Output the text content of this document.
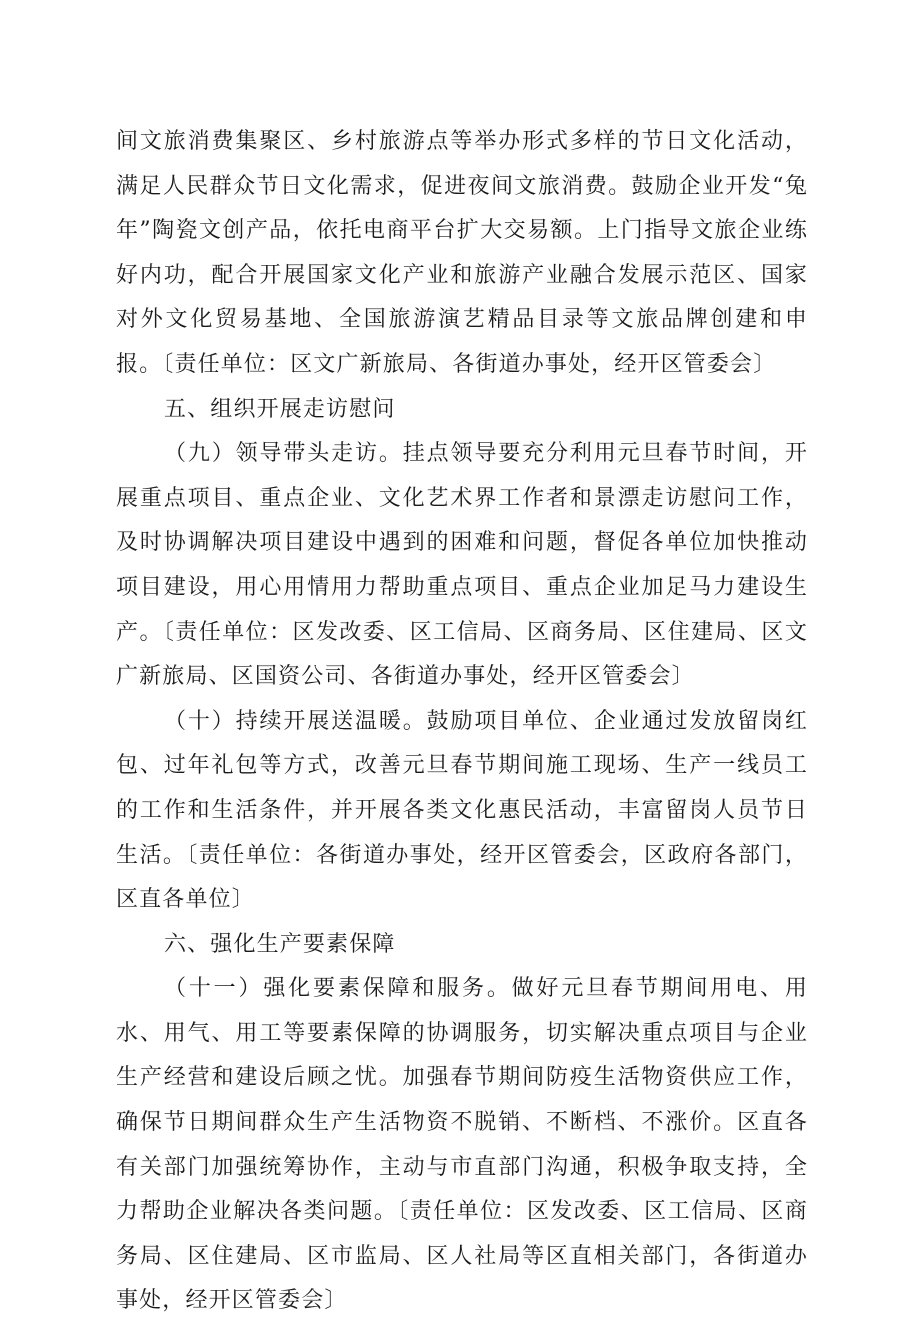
间文旅消费集聚区、乡村旅游点等举办形式多样的节日文化活动，满足人民群众节日文化需求，促进夜间文旅消费。鼓励企业开发“兔年”陶瓷文创产品，依托电商平台扩大交易额。上门指导文旅企业练好内功，配合开展国家文化产业和旅游产业融合发展示范区、国家对外文化贸易基地、全国旅游演艺精品目录等文旅品牌创建和申报。〔责任单位：区文广新旅局、各街道办事处，经开区管委会〕

五、组织开展走访慰问

（九）领导带头走访。挂点领导要充分利用元旦春节时间，开展重点项目、重点企业、文化艺术界工作者和景漂走访慰问工作，及时协调解决项目建设中遇到的困难和问题，督促各单位加快推动项目建设，用心用情用力帮助重点项目、重点企业加足马力建设生产。〔责任单位：区发改委、区工信局、区商务局、区住建局、区文广新旅局、区国资公司、各街道办事处，经开区管委会〕

（十）持续开展送温暖。鼓励项目单位、企业通过发放留岗红包、过年礼包等方式，改善元旦春节期间施工现场、生产一线员工的工作和生活条件，并开展各类文化惠民活动，丰富留岗人员节日生活。〔责任单位：各街道办事处，经开区管委会，区政府各部门，区直各单位〕

六、强化生产要素保障

（十一）强化要素保障和服务。做好元旦春节期间用电、用水、用气、用工等要素保障的协调服务，切实解决重点项目与企业生产经营和建设后顾之忧。加强春节期间防疫生活物资供应工作，确保节日期间群众生产生活物资不脱销、不断档、不涨价。区直各有关部门加强统筹协作，主动与市直部门沟通，积极争取支持，全力帮助企业解决各类问题。〔责任单位：区发改委、区工信局、区商务局、区住建局、区市监局、区人社局等区直相关部门，各街道办事处，经开区管委会〕
